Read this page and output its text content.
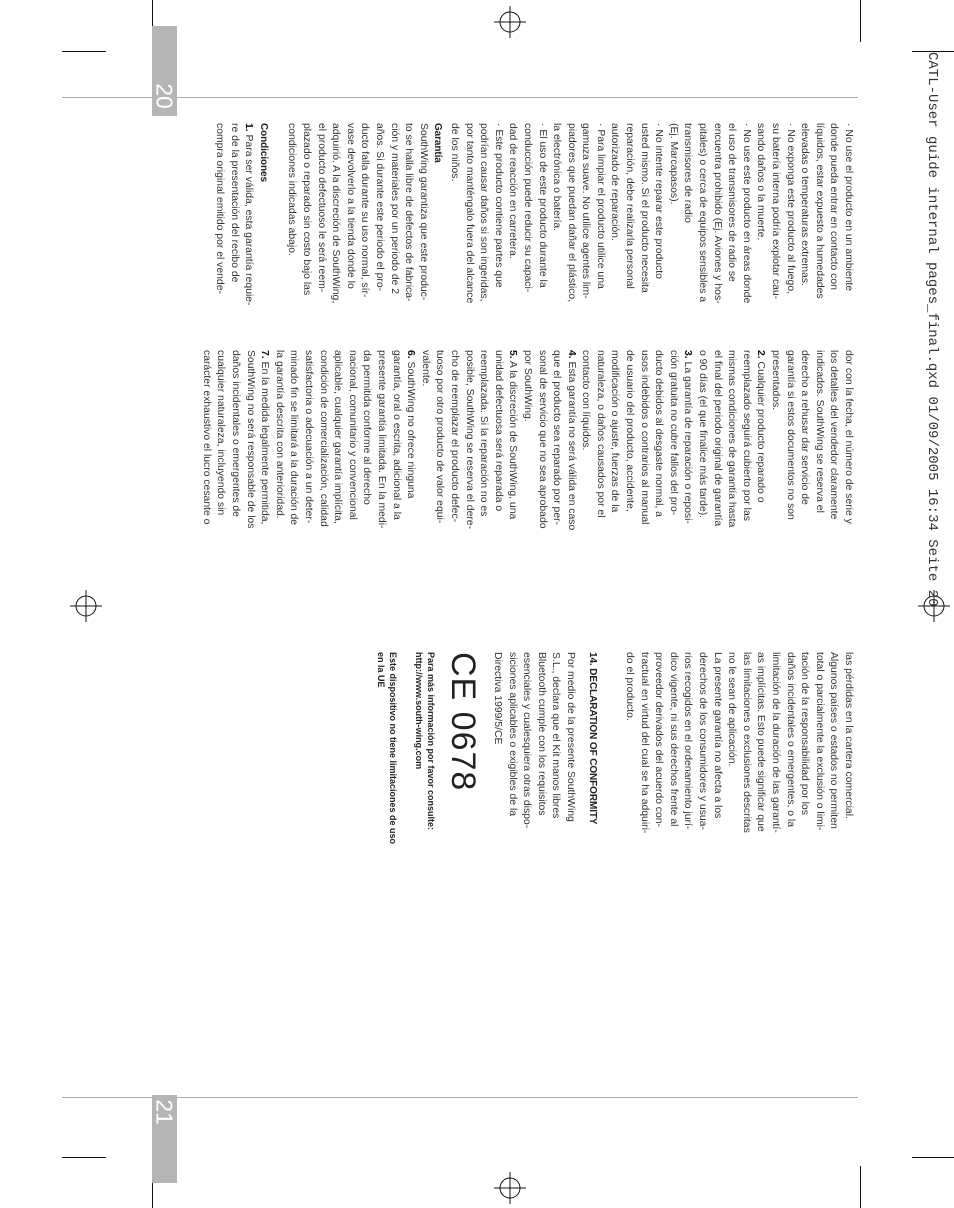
20
21
CATL-User guide internal pages_final.qxd 01/09/2005 16:34 Seite 20

· No use el producto en un ambiente
donde pueda entrar en contacto con
líquidos, estar expuesto a humedades
elevadas o temperaturas extremas.
· No exponga este producto al fuego,
su batería interna podría explotar cau-
sando daños o la muerte.
· No use este producto en áreas donde
el uso de transmisores de radio se
encuentra prohibido (Ej. Aviones y hos-
pitales) o cerca de equipos sensibles a
transmisores de radio
(Ej. Marcapasos).
· No intente reparar este producto
usted mismo. Si el producto necesita
reparación, debe realizarla personal
autorizado de reparación.
· Para limpiar el producto utilice una
gamuza suave. No utilice agentes lim-
piadores que puedan dañar el plástico,
la electrónica o batería.
· El uso de este producto durante la
conducción puede reducir su capaci-
dad de reacción en carretera.
· Este producto contiene partes que
podrían causar daños si son ingeridas,
por tanto manténgalo fuera del alcance
de los niños.

Garantía

SouthWing garantiza que este produc-
to se halla libre de defectos de fabrica-
ción y materiales por un periodo de 2
años. Si durante este periodo el pro-
ducto falla durante su uso normal, sír-
vase devolverlo a la tienda donde lo
adquirió. A la discreción de SouthWing,
el producto defectuoso le será reem-
plazado o reparado sin costo bajo las
condiciones indicadas abajo.

Condiciones

1. Para ser válida, esta garantía requie-

re de la presentación del recibo de
compra original emitido por el vende-
dor con la fecha, el número de serie y
los detalles del vendedor claramente
indicados. SouthWing se reserva el
derecho a rehusar dar servicio de
garantía si estos documentos no son
presentados.
2. Cualquier producto reparado o
reemplazado seguirá cubierto por las
mismas condiciones de garantía hasta
el final del periodo original de garantía
o 90 días (el que finalice más tarde).
3. La garantía de reparación o reposi-
ción gratuita no cubre fallos del pro-
ducto debidos al desgaste normal, a
usos indebidos o contrarios al manual
de usuario del producto, accidente,
modificación o ajuste, fuerzas de la
naturaleza, o daños causados por el
contacto con líquidos.
4. Esta garantía no será válida en caso
que el producto sea reparado por per-
sonal de servicio que no sea aprobado
por SouthWing.
5. A la discreción de SouthWing, una
unidad defectuosa será reparada o
reemplazada. Si la reparación no es
posible, SouthWing se reserva el dere-
cho de reemplazar el producto defec-
tuoso por otro producto de valor equi-
valente.
6. SouthWing no ofrece ninguna
garantía, oral o escrita, adicional a la
presente garantía limitada. En la medi-
da permitida conforme al derecho
nacional, comunitario y convencional
aplicable, cualquier garantía implícita,
condición de comercialización, calidad
satisfactoria o adecuación a un deter-
minado fin se limitará a la duración de
la garantía descrita con anterioridad.
7. En la medida legalmente permitida,
SouthWing no será responsable de los
daños incidentales o emergentes de
cualquier naturaleza, incluyendo sin
carácter exhaustivo el lucro cesante o
las pérdidas en la cartera comercial.
Algunos países o estados no permiten
total o parcialmente la exclusión o limi-
tación de la responsabilidad por los
daños incidentales o emergentes, o la
limitación de la duración de las garantí-
as implícitas. Esto puede significar que
las limitaciones o exclusiones descritas
no le sean de aplicación.
La presente garantía no afecta a los
derechos de los consumidores y usua-
rios recogidos en el ordenamiento jurí-
dico vigente, ni sus derechos frente al
proveedor derivados del acuerdo con-
tractual en virtud del cual se ha adquiri-
do el producto.
14. DECLARATION OF CONFORMITY
Por medio de la presente SouthWing
S.L., declara que el Kit manos libres
Bluetooth cumple con los requisitos
esenciales y cualesquiera otras dispo-
siciones aplicables o exigibles de la
Directiva 1999/5/CE
CE 0678
Para más información por favor consulte:
http://www.south-wing.com
Este dispositivo no tiene limitaciones de uso
en la UE
